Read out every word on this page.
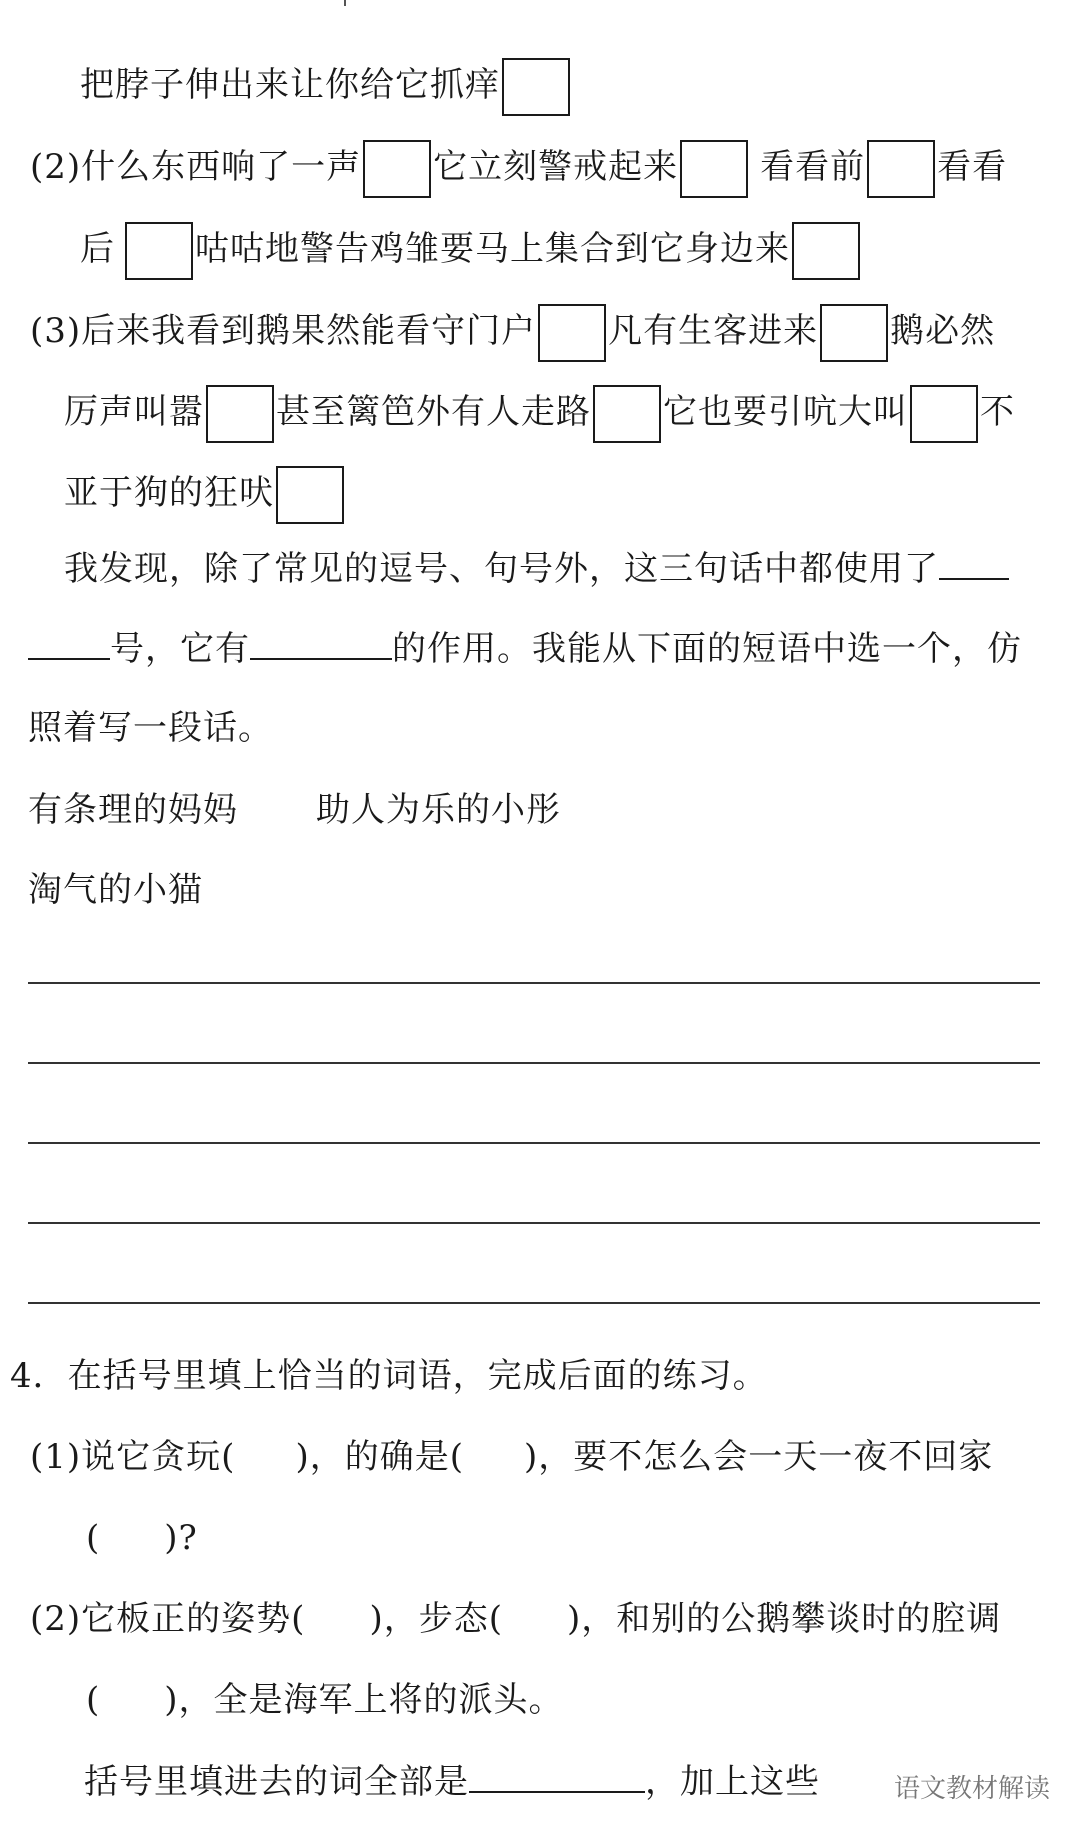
把脖子伸出来让你给它抓痒
(2)什么东西响了一声 它立刻警戒起来 看看前 看看
后 咕咕地警告鸡雏要马上集合到它身边来
(3)后来我看到鹅果然能看守门户 凡有生客进来 鹅必然
厉声叫嚣 甚至篱笆外有人走路 它也要引吭大叫 不
亚于狗的狂吠
我发现，除了常见的逗号、句号外，这三句话中都使用了
号，它有	的作用。我能从下面的短语中选一个，仿
照着写一段话。
有条理的妈妈 助人为乐的小彤
淘气的小猫
4．在括号里填上恰当的词语，完成后面的练习。
(1)说它贪玩( )，的确是( )，要不怎么会一天一夜不回家
( )?
(2)它板正的姿势( )，步态( )，和别的公鹅攀谈时的腔调
( )，全是海军上将的派头。
括号里填进去的词全部是	，加上这些	语文教材解读
